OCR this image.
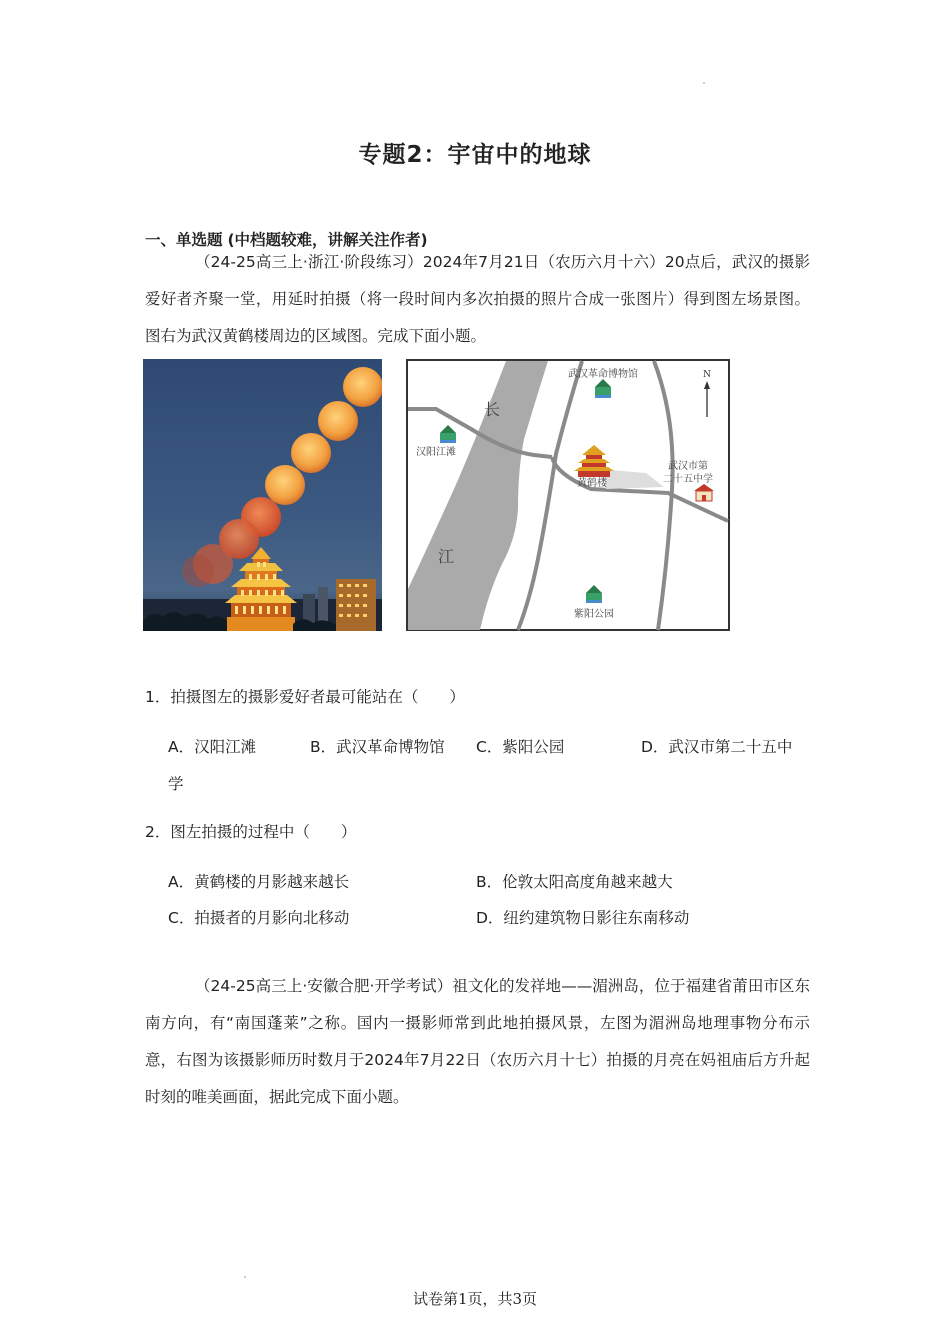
专题2：宇宙中的地球
一、单选题 (中档题较难，讲解关注作者)

（24-25高三上·浙江·阶段练习）2024年7月21日（农历六月十六）20点后，武汉的摄影爱好者齐聚一堂，用延时拍摄（将一段时间内多次拍摄的照片合成一张图片）得到图左场景图。图右为武汉黄鹤楼周边的区域图。完成下面小题。

N
武汉革命博物馆
汉阳江滩
黄鹤楼
武汉市第
二十五中学
紫阳公园
长
江
1．拍摄图左的摄影爱好者最可能站在（　　）
A．汉阳江滩	B．武汉革命博物馆 C．紫阳公园	D．武汉市第二十五中
学
2．图左拍摄的过程中（　　）
A．黄鹤楼的月影越来越长	B．伦敦太阳高度角越来越大
C．拍摄者的月影向北移动	D．纽约建筑物日影往东南移动

（24-25高三上·安徽合肥·开学考试）祖文化的发祥地——湄洲岛，位于福建省莆田市区东南方向，有“南国蓬莱”之称。国内一摄影师常到此地拍摄风景，左图为湄洲岛地理事物分布示意，右图为该摄影师历时数月于2024年7月22日（农历六月十七）拍摄的月亮在妈祖庙后方升起时刻的唯美画面，据此完成下面小题。

试卷第1页，共3页
